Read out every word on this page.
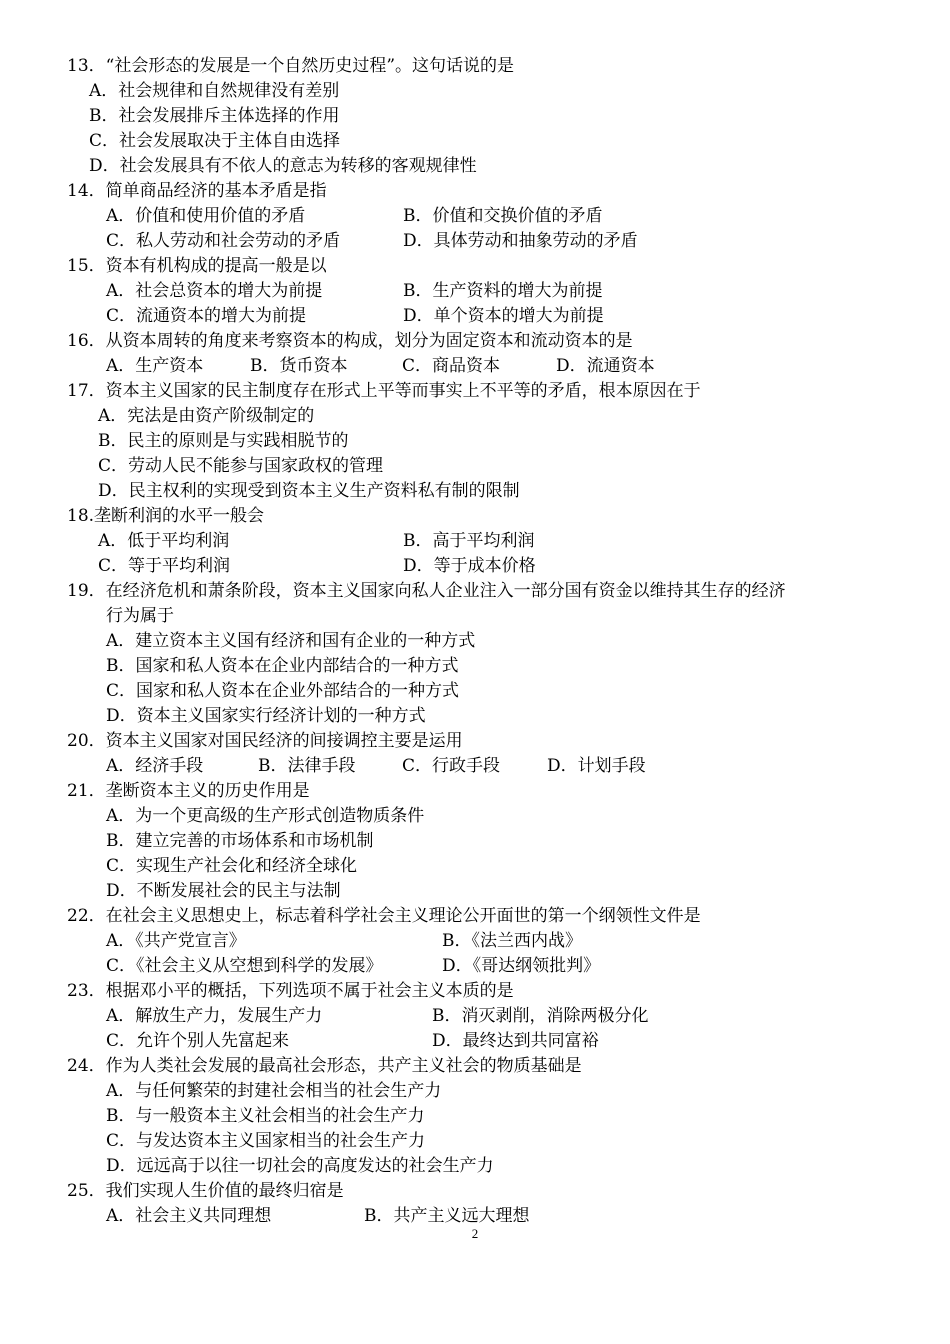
13．“社会形态的发展是一个自然历史过程”。这句话说的是
A．社会规律和自然规律没有差别
B．社会发展排斥主体选择的作用
C．社会发展取决于主体自由选择
D．社会发展具有不依人的意志为转移的客观规律性
14．简单商品经济的基本矛盾是指
A．价值和使用价值的矛盾	B．价值和交换价值的矛盾
C．私人劳动和社会劳动的矛盾	D．具体劳动和抽象劳动的矛盾
15．资本有机构成的提高一般是以
A．社会总资本的增大为前提	B．生产资料的增大为前提
C．流通资本的增大为前提	D．单个资本的增大为前提
16．从资本周转的角度来考察资本的构成，划分为固定资本和流动资本的是
A．生产资本	B．货币资本	C．商品资本	D．流通资本
17．资本主义国家的民主制度存在形式上平等而事实上不平等的矛盾，根本原因在于
A．宪法是由资产阶级制定的
B．民主的原则是与实践相脱节的
C．劳动人民不能参与国家政权的管理
D．民主权利的实现受到资本主义生产资料私有制的限制
18.垄断利润的水平一般会
A．低于平均利润	B．高于平均利润
C．等于平均利润	D．等于成本价格
19．在经济危机和萧条阶段，资本主义国家向私人企业注入一部分国有资金以维持其生存的经济
行为属于
A．建立资本主义国有经济和国有企业的一种方式
B．国家和私人资本在企业内部结合的一种方式
C．国家和私人资本在企业外部结合的一种方式
D．资本主义国家实行经济计划的一种方式
20．资本主义国家对国民经济的间接调控主要是运用
A．经济手段	B．法律手段	C．行政手段	D．计划手段
21．垄断资本主义的历史作用是
A．为一个更高级的生产形式创造物质条件
B．建立完善的市场体系和市场机制
C．实现生产社会化和经济全球化
D．不断发展社会的民主与法制
22．在社会主义思想史上，标志着科学社会主义理论公开面世的第一个纲领性文件是
A．《共产党宣言》	B．《法兰西内战》
C．《社会主义从空想到科学的发展》	D．《哥达纲领批判》
23．根据邓小平的概括，下列选项不属于社会主义本质的是
A．解放生产力，发展生产力	B．消灭剥削，消除两极分化
C．允许个别人先富起来	D．最终达到共同富裕
24．作为人类社会发展的最高社会形态，共产主义社会的物质基础是
A．与任何繁荣的封建社会相当的社会生产力
B．与一般资本主义社会相当的社会生产力
C．与发达资本主义国家相当的社会生产力
D．远远高于以往一切社会的高度发达的社会生产力
25．我们实现人生价值的最终归宿是
A．社会主义共同理想	B．共产主义远大理想
2
